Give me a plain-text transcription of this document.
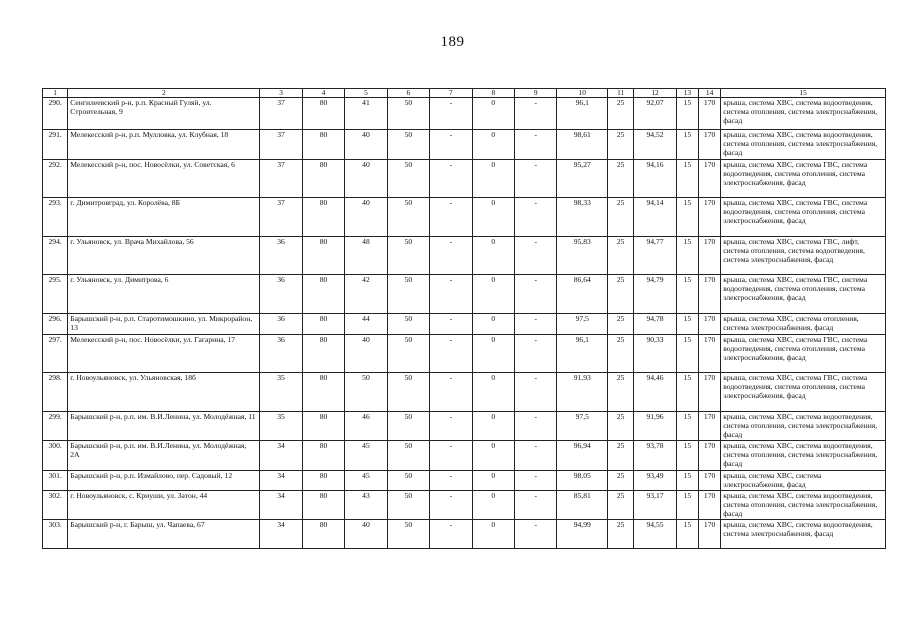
189
1	2	3	4	5	6	7	8	9	10	11	12	13	14	15
290.	Сенгилеевский р-н, р.п. Красный Гуляй, ул. Строительная, 9	37	80	41	50	-	0	-	96,1	25	92,07	15	170	крыша, система ХВС, система водоотведения, система отопления, система электроснабжения, фасад
291.	Мелекесский р-н, р.п. Мулловка, ул. Клубная, 18	37	80	40	50	-	0	-	98,61	25	94,52	15	170	крыша, система ХВС, система водоотведения, система отопления, система электроснабжения, фасад
292.	Мелекесский р-н, пос. Новосёлки, ул. Советская, 6	37	80	40	50	-	0	-	95,27	25	94,16	15	170	крыша, система ХВС, система ГВС, система водоотведения, система отопления, система электроснабжения, фасад
293.	г. Димитровград, ул. Королёва, 8Б	37	80	40	50	-	0	-	98,33	25	94,14	15	170	крыша, система ХВС, система ГВС, система водоотведения, система отопления, система электроснабжения, фасад
294.	г. Ульяновск, ул. Врача Михайлова, 56	36	80	48	50	-	0	-	95,83	25	94,77	15	170	крыша, система ХВС, система ГВС, лифт, система отопления, система водоотведения, система электроснабжения, фасад
295.	г. Ульяновск, ул. Димитрова, 6	36	80	42	50	-	0	-	86,64	25	94,79	15	170	крыша, система ХВС, система ГВС, система водоотведения, система отопления, система электроснабжения, фасад
296.	Барышский р-н, р.п. Старотимошкино, ул. Микрорайон, 13	36	80	44	50	-	0	-	97,5	25	94,78	15	170	крыша, система ХВС, система отопления, система электроснабжения, фасад
297.	Мелекесский р-н, пос. Новосёлки, ул. Гагарина, 17	36	80	40	50	-	0	-	96,1	25	90,33	15	170	крыша, система ХВС, система ГВС, система водоотведения, система отопления, система электроснабжения, фасад
298.	г. Новоульяновск, ул. Ульяновская, 18б	35	80	50	50	-	0	-	91,93	25	94,46	15	170	крыша, система ХВС, система ГВС, система водоотведения, система отопления, система электроснабжения, фасад
299.	Барышский р-н, р.п. им. В.И.Ленина, ул. Молодёжная, 11	35	80	46	50	-	0	-	97,5	25	91,96	15	170	крыша, система ХВС, система водоотведения, система отопления, система электроснабжения, фасад
300.	Барышский р-н, р.п. им. В.И.Ленина, ул. Молодёжная, 2А	34	80	45	50	-	0	-	96,94	25	93,78	15	170	крыша, система ХВС, система водоотведения, система отопления, система электроснабжения, фасад
301.	Барышский р-н, р.п. Измайлово, пер. Садовый, 12	34	80	45	50	-	0	-	98,05	25	93,49	15	170	крыша, система ХВС, система электроснабжения, фасад
302.	г. Новоульяновск, с. Криуши, ул. Затон, 44	34	80	43	50	-	0	-	85,81	25	93,17	15	170	крыша, система ХВС, система водоотведения, система отопления, система электроснабжения, фасад
303.	Барышский р-н, г. Барыш, ул. Чапаева, 67	34	80	40	50	-	0	-	94,99	25	94,55	15	170	крыша, система ХВС, система водоотведения, система электроснабжения, фасад
